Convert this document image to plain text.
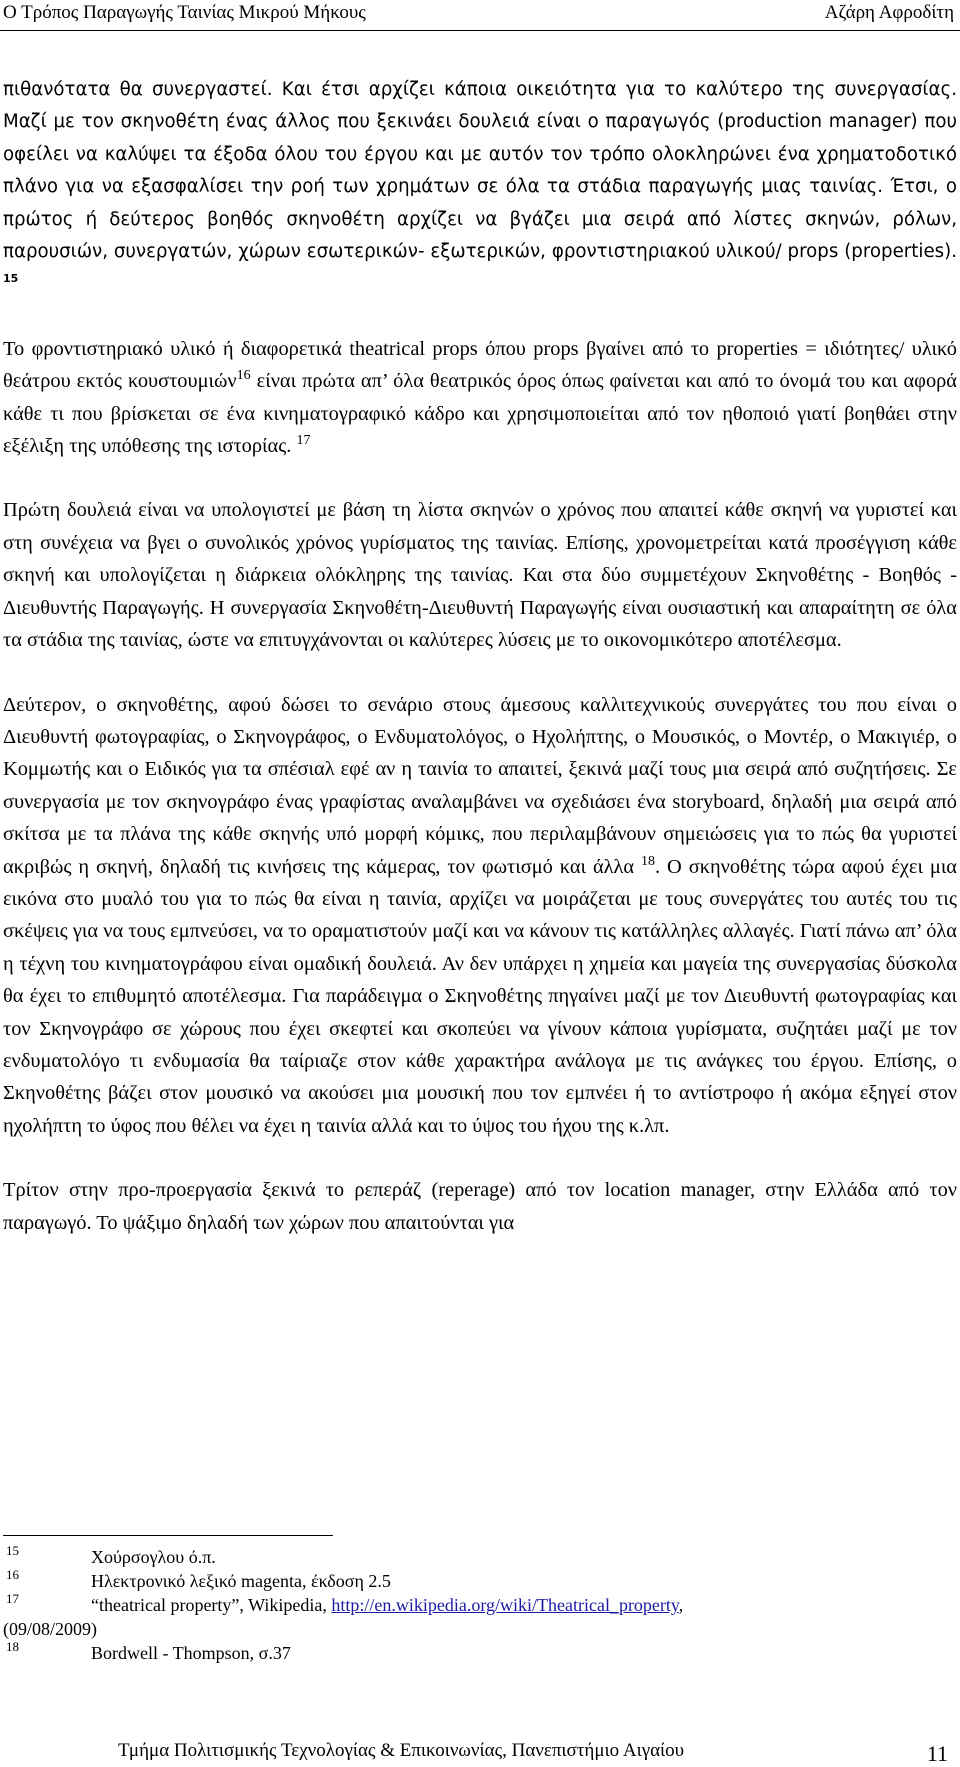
Ο Τρόπος Παραγωγής Ταινίας Μικρού Μήκους	Αζάρη Αφροδίτη

πιθανότατα θα συνεργαστεί. Και έτσι αρχίζει κάποια οικειότητα για το καλύτερο της συνεργασίας. Μαζί με τον σκηνοθέτη ένας άλλος που ξεκινάει δουλειά είναι ο παραγωγός (production manager) που οφείλει να καλύψει τα έξοδα όλου του έργου και με αυτόν τον τρόπο ολοκληρώνει ένα χρηματοδοτικό πλάνο για να εξασφαλίσει την ροή των χρημάτων σε όλα τα στάδια παραγωγής μιας ταινίας. Έτσι, ο πρώτος ή δεύτερος βοηθός σκηνοθέτη αρχίζει να βγάζει μια σειρά από λίστες σκηνών, ρόλων, παρουσιών, συνεργατών, χώρων εσωτερικών- εξωτερικών, φροντιστηριακού υλικού/ props (properties). $^{15}$

Το φροντιστηριακό υλικό ή διαφορετικά theatrical props όπου props βγαίνει από το properties = ιδιότητες/ υλικό θεάτρου εκτός κουστουμιών$^{16}$ είναι πρώτα απ’ όλα θεατρικός όρος όπως φαίνεται και από το όνομά του και αφορά κάθε τι που βρίσκεται σε ένα κινηματογραφικό κάδρο και χρησιμοποιείται από τον ηθοποιό γιατί βοηθάει στην εξέλιξη της υπόθεσης της ιστορίας. $^{17}$

Πρώτη δουλειά είναι να υπολογιστεί με βάση τη λίστα σκηνών ο χρόνος που απαιτεί κάθε σκηνή να γυριστεί και στη συνέχεια να βγει ο συνολικός χρόνος γυρίσματος της ταινίας. Επίσης, χρονομετρείται κατά προσέγγιση κάθε σκηνή και υπολογίζεται η διάρκεια ολόκληρης της ταινίας. Και στα δύο συμμετέχουν Σκηνοθέτης - Βοηθός - Διευθυντής Παραγωγής. Η συνεργασία Σκηνοθέτη-Διευθυντή Παραγωγής είναι ουσιαστική και απαραίτητη σε όλα τα στάδια της ταινίας, ώστε να επιτυγχάνονται οι καλύτερες λύσεις με το οικονομικότερο αποτέλεσμα.

Δεύτερον, ο σκηνοθέτης, αφού δώσει το σενάριο στους άμεσους καλλιτεχνικούς συνεργάτες του που είναι ο Διευθυντή φωτογραφίας, ο Σκηνογράφος, ο Ενδυματολόγος, ο Ηχολήπτης, ο Μουσικός, ο Μοντέρ, ο Μακιγιέρ, ο Κομμωτής και ο Ειδικός για τα σπέσιαλ εφέ αν η ταινία το απαιτεί, ξεκινά μαζί τους μια σειρά από συζητήσεις. Σε συνεργασία με τον σκηνογράφο ένας γραφίστας αναλαμβάνει να σχεδιάσει ένα storyboard, δηλαδή μια σειρά από σκίτσα με τα πλάνα της κάθε σκηνής υπό μορφή κόμικς, που περιλαμβάνουν σημειώσεις για το πώς θα γυριστεί ακριβώς η σκηνή, δηλαδή τις κινήσεις της κάμερας, τον φωτισμό και άλλα $^{18}$. Ο σκηνοθέτης τώρα αφού έχει μια εικόνα στο μυαλό του για το πώς θα είναι η ταινία, αρχίζει να μοιράζεται με τους συνεργάτες του αυτές του τις σκέψεις για να τους εμπνεύσει, να το οραματιστούν μαζί και να κάνουν τις κατάλληλες αλλαγές. Γιατί πάνω απ’ όλα η τέχνη του κινηματογράφου είναι ομαδική δουλειά. Αν δεν υπάρχει η χημεία και μαγεία της συνεργασίας δύσκολα θα έχει το επιθυμητό αποτέλεσμα. Για παράδειγμα ο Σκηνοθέτης πηγαίνει μαζί με τον Διευθυντή φωτογραφίας και τον Σκηνογράφο σε χώρους που έχει σκεφτεί και σκοπεύει να γίνουν κάποια γυρίσματα, συζητάει μαζί με τον ενδυματολόγο τι ενδυμασία θα ταίριαζε στον κάθε χαρακτήρα ανάλογα με τις ανάγκες του έργου. Επίσης, ο Σκηνοθέτης βάζει στον μουσικό να ακούσει μια μουσική που τον εμπνέει ή το αντίστροφο ή ακόμα εξηγεί στον ηχολήπτη το ύφος που θέλει να έχει η ταινία αλλά και το ύψος του ήχου της κ.λπ.

Τρίτον στην προ-προεργασία ξεκινά το ρεπεράζ (reperage) από τον location manager, στην Ελλάδα από τον παραγωγό. Το ψάξιμο δηλαδή των χώρων που απαιτούνται για

15	Χούρσογλου ό.π.
16	Ηλεκτρονικό λεξικό magenta, έκδοση 2.5
17	“theatrical property”, Wikipedia, http://en.wikipedia.org/wiki/Theatrical_property,
(09/08/2009)
18	Bordwell - Thompson, σ.37
Τμήμα Πολιτισμικής Τεχνολογίας & Επικοινωνίας, Πανεπιστήμιο Αιγαίου	11
